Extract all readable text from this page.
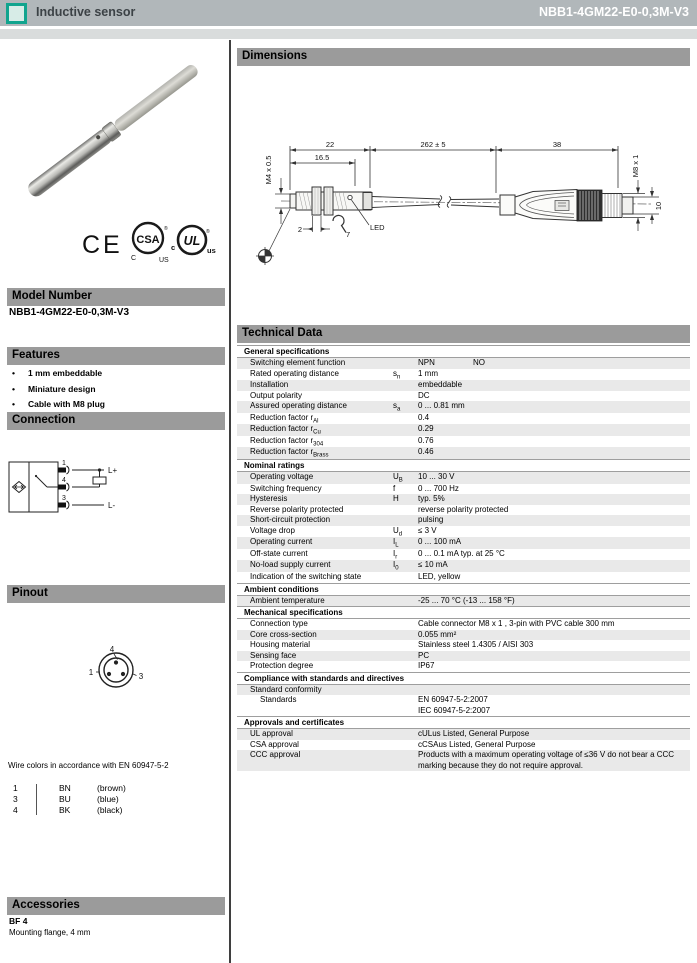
Inductive sensor	NBB1-4GM22-E0-0,3M-V3
CE CSA
C	US
®
UL
c	us
®
Model Number
NBB1-4GM22-E0-0,3M-V3
Features
•	1 mm embeddable
•	Miniature design
•	Cable with M8 plug
Connection
1
4
3
L+
L-
Pinout
4
1	3
Wire colors in accordance with EN 60947-5-2
1	BN	(brown)
3	BU	(blue)
4	BK	(black)
Accessories
BF 4
Mounting flange, 4 mm
Dimensions
22	262 ± 5	38
16.5
M4 x 0.5	M8 x 1
10
2
7
LED
Technical Data
General specifications
Switching element function	NPN	NO
Rated operating distance	$s_n$	1 mm
Installation	embeddable
Output polarity	DC
Assured operating distance	$s_a$	0 ... 0.81 mm
Reduction factor $r_{Al}$	0.4
Reduction factor $r_{Cu}$	0.29
Reduction factor $r_{304}$	0.76
Reduction factor $r_{Brass}$	0.46
Nominal ratings
Operating voltage	$U_B$	10 ... 30 V
Switching frequency	f	0 ... 700 Hz
Hysteresis	H	typ. 5%
Reverse polarity protected	reverse polarity protected
Short-circuit protection	pulsing
Voltage drop	$U_d$	≤ 3 V
Operating current	$I_L$	0 ... 100 mA
Off-state current	$I_r$	0 ... 0.1 mA typ. at 25 °C
No-load supply current	$I_0$	≤ 10 mA
Indication of the switching state	LED, yellow
Ambient conditions
Ambient temperature	-25 ... 70 °C (-13 ... 158 °F)
Mechanical specifications
Connection type	Cable connector M8 x 1 , 3-pin with PVC cable 300 mm
Core cross-section	0.055 mm²
Housing material	Stainless steel 1.4305 / AISI 303
Sensing face	PC
Protection degree	IP67
Compliance with standards and directives
Standard conformity
Standards	EN 60947-5-2:2007
IEC 60947-5-2:2007
Approvals and certificates
UL approval	cULus Listed, General Purpose
CSA approval	cCSAus Listed, General Purpose
CCC approval	Products with a maximum operating voltage of ≤36 V do not bear a CCC marking because they do not require approval.
